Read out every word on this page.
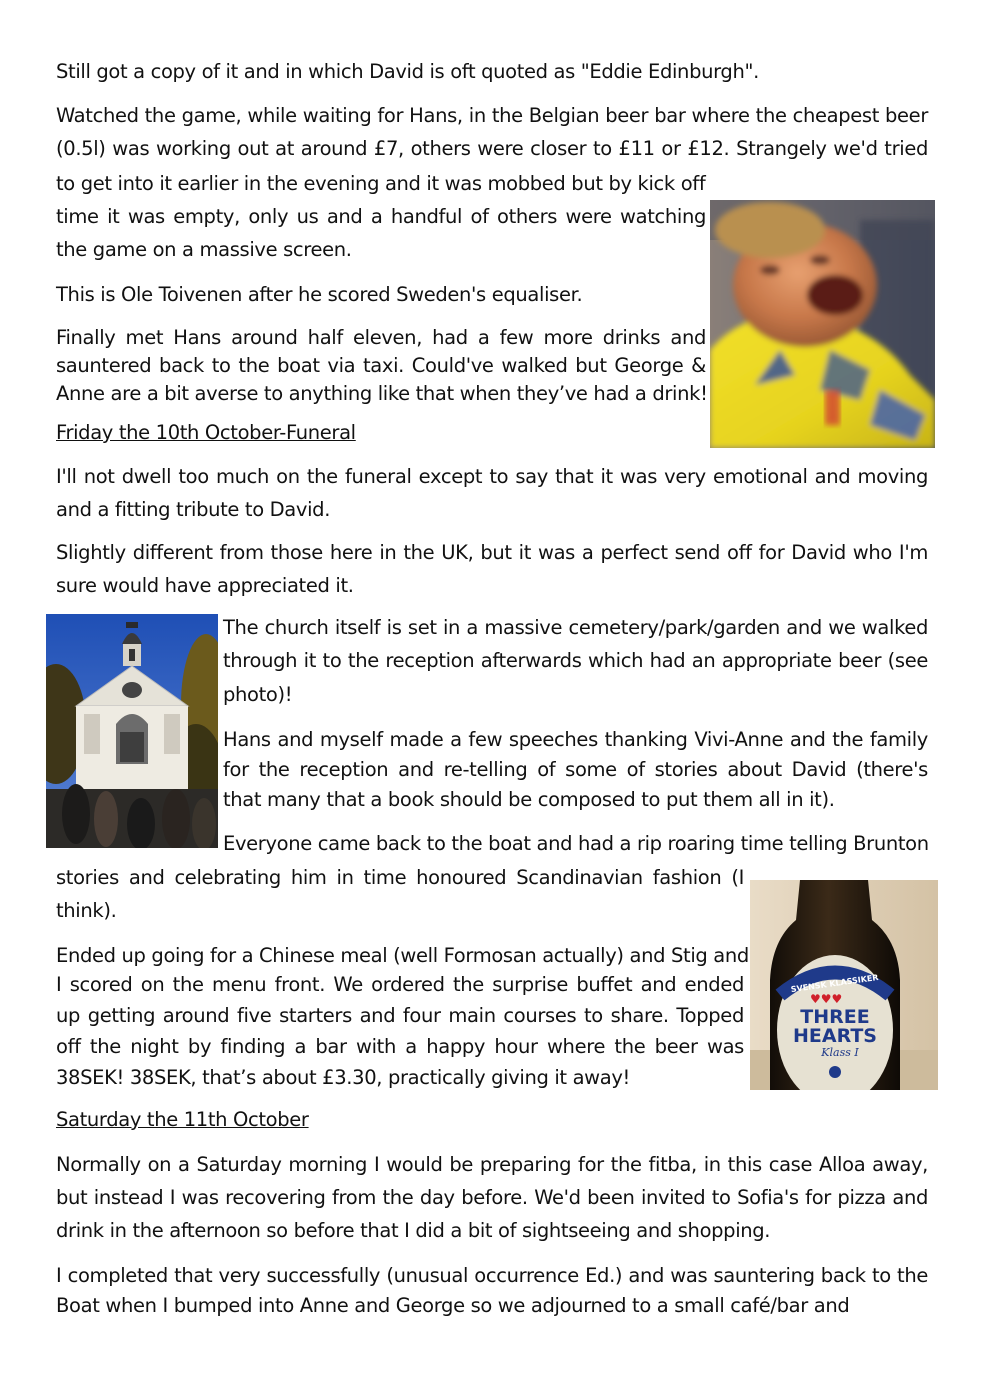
Still got a copy of it and in which David is oft quoted as "Eddie Edinburgh".
Watched the game, while waiting for Hans, in the Belgian beer bar where the cheapest beer
(0.5l) was working out at around £7, others were closer to £11 or £12. Strangely we'd tried
to get into it earlier in the evening and it was mobbed but by kick off
time it was empty, only us and a handful of others were watching
the game on a massive screen.
This is Ole Toivenen after he scored Sweden's equaliser.
Finally met Hans around half eleven, had a few more drinks and
sauntered back to the boat via taxi. Could've walked but George &
Anne are a bit averse to anything like that when they’ve had a drink!
Friday the 10th October-Funeral
I'll not dwell too much on the funeral except to say that it was very emotional and moving
and a fitting tribute to David.
Slightly different from those here in the UK, but it was a perfect send off for David who I'm
sure would have appreciated it.
The church itself is set in a massive cemetery/park/garden and we walked
through it to the reception afterwards which had an appropriate beer (see
photo)!
Hans and myself made a few speeches thanking Vivi-Anne and the family
for the reception and re-telling of some of stories about David (there's
that many that a book should be composed to put them all in it).
Everyone came back to the boat and had a rip roaring time telling Brunton
stories and celebrating him in time honoured Scandinavian fashion (I
think).
SVENSK KLASSIKER
♥♥♥
THREE
HEARTS
Klass I
Ended up going for a Chinese meal (well Formosan actually) and Stig and
I scored on the menu front. We ordered the surprise buffet and ended
up getting around five starters and four main courses to share. Topped
off the night by finding a bar with a happy hour where the beer was
38SEK! 38SEK, that’s about £3.30, practically giving it away!
Saturday the 11th October
Normally on a Saturday morning I would be preparing for the fitba, in this case Alloa away,
but instead I was recovering from the day before. We'd been invited to Sofia's for pizza and
drink in the afternoon so before that I did a bit of sightseeing and shopping.
I completed that very successfully (unusual occurrence Ed.) and was sauntering back to the
Boat when I bumped into Anne and George so we adjourned to a small café/bar and
